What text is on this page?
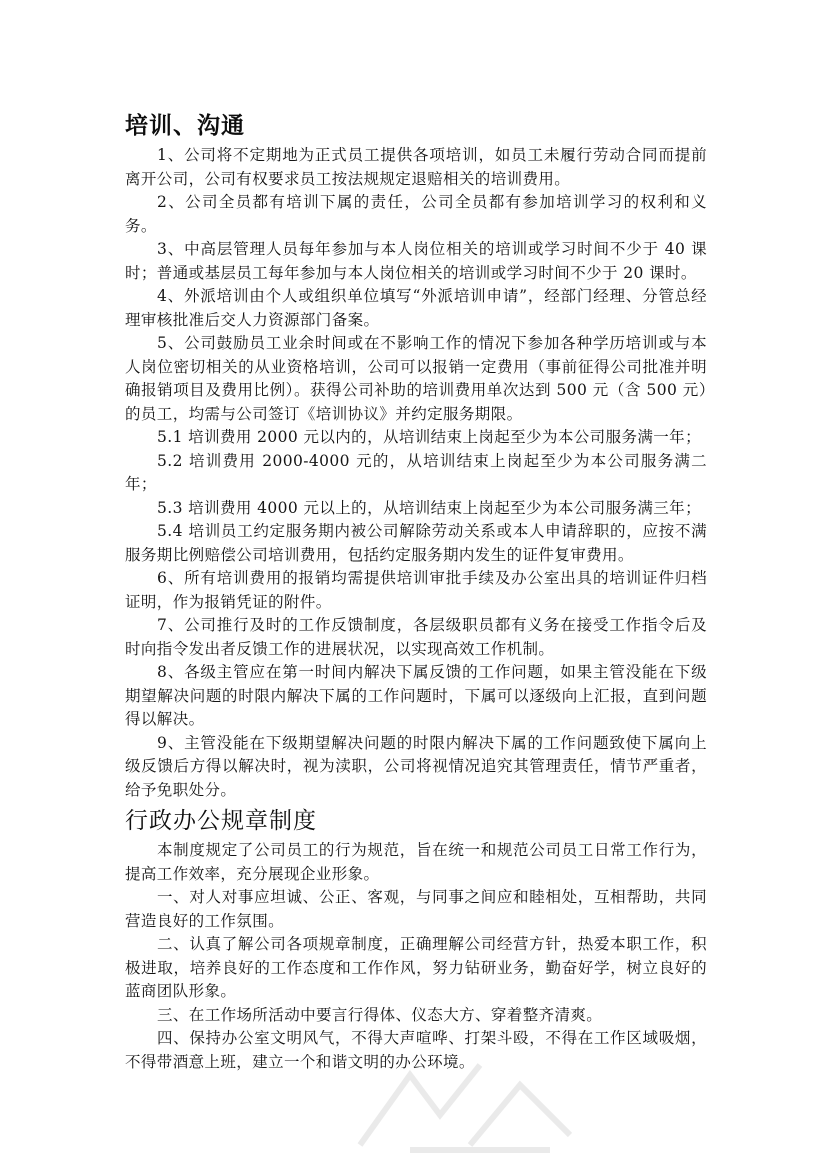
培训、沟通

1、公司将不定期地为正式员工提供各项培训，如员工未履行劳动合同而提前离开公司，公司有权要求员工按法规规定退赔相关的培训费用。

2、公司全员都有培训下属的责任，公司全员都有参加培训学习的权利和义务。

3、中高层管理人员每年参加与本人岗位相关的培训或学习时间不少于 40 课时；普通或基层员工每年参加与本人岗位相关的培训或学习时间不少于 20 课时。

4、外派培训由个人或组织单位填写“外派培训申请”，经部门经理、分管总经理审核批准后交人力资源部门备案。

5、公司鼓励员工业余时间或在不影响工作的情况下参加各种学历培训或与本人岗位密切相关的从业资格培训，公司可以报销一定费用（事前征得公司批准并明确报销项目及费用比例）。获得公司补助的培训费用单次达到 500 元（含 500 元）的员工，均需与公司签订《培训协议》并约定服务期限。

5.1 培训费用 2000 元以内的，从培训结束上岗起至少为本公司服务满一年；

5.2 培训费用 2000-4000 元的，从培训结束上岗起至少为本公司服务满二年；

5.3 培训费用 4000 元以上的，从培训结束上岗起至少为本公司服务满三年；

5.4 培训员工约定服务期内被公司解除劳动关系或本人申请辞职的，应按不满服务期比例赔偿公司培训费用，包括约定服务期内发生的证件复审费用。

6、所有培训费用的报销均需提供培训审批手续及办公室出具的培训证件归档证明，作为报销凭证的附件。

7、公司推行及时的工作反馈制度，各层级职员都有义务在接受工作指令后及时向指令发出者反馈工作的进展状况，以实现高效工作机制。

8、各级主管应在第一时间内解决下属反馈的工作问题，如果主管没能在下级期望解决问题的时限内解决下属的工作问题时，下属可以逐级向上汇报，直到问题得以解决。

9、主管没能在下级期望解决问题的时限内解决下属的工作问题致使下属向上级反馈后方得以解决时，视为渎职，公司将视情况追究其管理责任，情节严重者，给予免职处分。

行政办公规章制度

本制度规定了公司员工的行为规范，旨在统一和规范公司员工日常工作行为，提高工作效率，充分展现企业形象。

一、对人对事应坦诚、公正、客观，与同事之间应和睦相处，互相帮助，共同营造良好的工作氛围。

二、认真了解公司各项规章制度，正确理解公司经营方针，热爱本职工作，积极进取，培养良好的工作态度和工作作风，努力钻研业务，勤奋好学，树立良好的蓝商团队形象。

三、在工作场所活动中要言行得体、仪态大方、穿着整齐清爽。

四、保持办公室文明风气，不得大声喧哗、打架斗殴，不得在工作区域吸烟，不得带酒意上班，建立一个和谐文明的办公环境。
